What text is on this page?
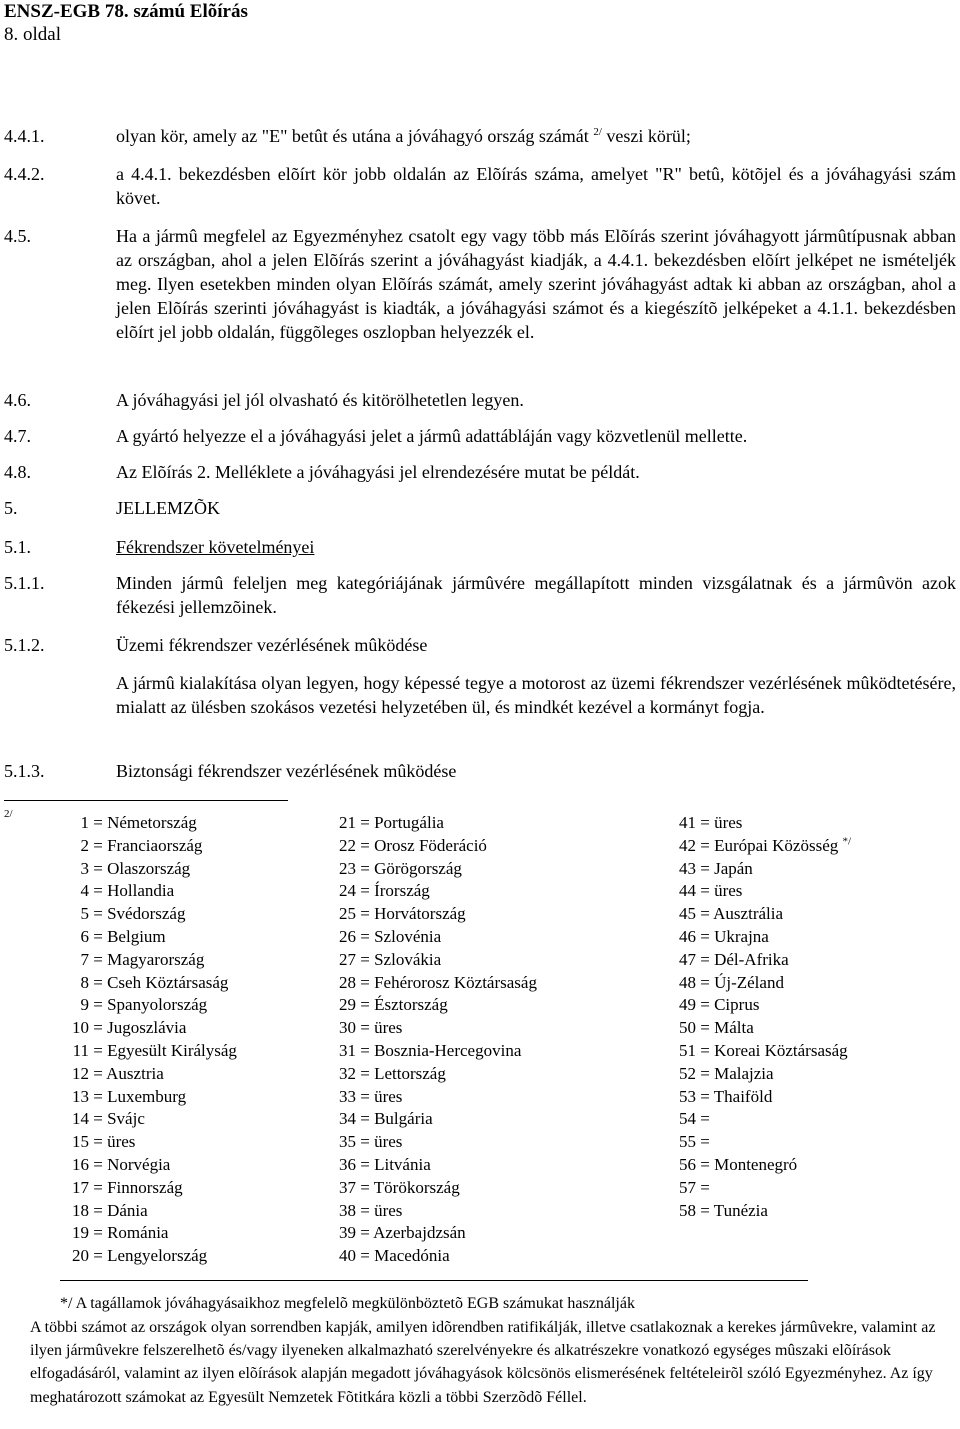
ENSZ-EGB 78. számú Elõírás
8. oldal
4.4.1.	olyan kör, amely az "E" betût és utána a jóváhagyó ország számát $^{2/}$ veszi körül;
4.4.2.	a 4.4.1. bekezdésben elõírt kör jobb oldalán az Elõírás száma, amelyet "R" betû, kötõjel és a jóváhagyási szám követ.
4.5.	Ha a jármû megfelel az Egyezményhez csatolt egy vagy több más Elõírás szerint jóváhagyott jármûtípusnak abban az országban, ahol a jelen Elõírás szerint a jóváhagyást kiadják, a 4.4.1. bekezdésben elõírt jelképet ne ismételjék meg. Ilyen esetekben minden olyan Elõírás számát, amely szerint jóváhagyást adtak ki abban az országban, ahol a jelen Elõírás szerinti jóváhagyást is kiadták, a jóváhagyási számot és a kiegészítõ jelképeket a 4.1.1. bekezdésben elõírt jel jobb oldalán, függõleges oszlopban helyezzék el.
4.6.	A jóváhagyási jel jól olvasható és kitörölhetetlen legyen.
4.7.	A gyártó helyezze el a jóváhagyási jelet a jármû adattábláján vagy közvetlenül mellette.
4.8.	Az Elõírás 2. Melléklete a jóváhagyási jel elrendezésére mutat be példát.
5.	JELLEMZÕK
5.1.	Fékrendszer követelményei
5.1.1.	Minden jármû feleljen meg kategóriájának jármûvére megállapított minden vizsgálatnak és a jármûvön azok fékezési jellemzõinek.
5.1.2.	Üzemi fékrendszer vezérlésének mûködése
A jármû kialakítása olyan legyen, hogy képessé tegye a motorost az üzemi fékrendszer vezérlésének mûködtetésére, mialatt az ülésben szokásos vezetési helyzetében ül, és mindkét kezével a kormányt fogja.
5.1.3.	Biztonsági fékrendszer vezérlésének mûködése
2/	1 = Németország
2 = Franciaország
3 = Olaszország
4 = Hollandia
5 = Svédország
6 = Belgium
7 = Magyarország
8 = Cseh Köztársaság
9 = Spanyolország
10 = Jugoszlávia
11 = Egyesült Királyság
12 = Ausztria
13 = Luxemburg
14 = Svájc
15 = üres
16 = Norvégia
17 = Finnország
18 = Dánia
19 = Románia
20 = Lengyelország
21 = Portugália
22 = Orosz Föderáció
23 = Görögország
24 = Írország
25 = Horvátország
26 = Szlovénia
27 = Szlovákia
28 = Fehérorosz Köztársaság
29 = Észtország
30 = üres
31 = Bosznia-Hercegovina
32 = Lettország
33 = üres
34 = Bulgária
35 = üres
36 = Litvánia
37 = Törökország
38 = üres
39 = Azerbajdzsán
40 = Macedónia
41 = üres
42 = Európai Közösség */
43 = Japán
44 = üres
45 = Ausztrália
46 = Ukrajna
47 = Dél-Afrika
48 = Új-Zéland
49 = Ciprus
50 = Málta
51 = Koreai Köztársaság
52 = Malajzia
53 = Thaiföld
54 =
55 =
56 = Montenegró
57 =
58 = Tunézia
*/ A tagállamok jóváhagyásaikhoz megfelelõ megkülönböztetõ EGB számukat használják
A többi számot az országok olyan sorrendben kapják, amilyen idõrendben ratifikálják, illetve csatlakoznak a kerekes jármûvekre, valamint az ilyen jármûvekre felszerelhetõ és/vagy ilyeneken alkalmazható szerelvényekre és alkatrészekre vonatkozó egységes mûszaki elõírások elfogadásáról, valamint az ilyen elõírások alapján megadott jóváhagyások kölcsönös elismerésének feltételeirõl szóló Egyezményhez. Az így meghatározott számokat az Egyesült Nemzetek Fõtitkára közli a többi Szerzõdõ Féllel.
